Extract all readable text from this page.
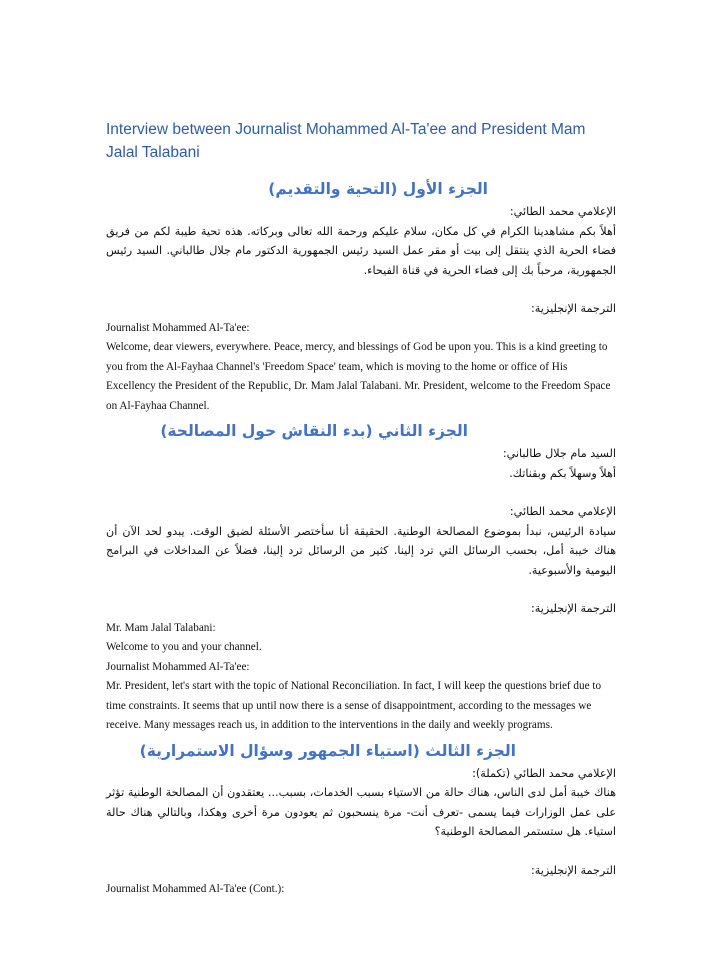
Interview between Journalist Mohammed Al-Ta'ee and President Mam Jalal Talabani
الجزء الأول (التحية والتقديم)

الإعلامي محمد الطائي:

أهلاً بكم مشاهدينا الكرام في كل مكان، سلام عليكم ورحمة الله تعالى وبركاته. هذه تحية طيبة لكم من فريق فضاء الحرية الذي ينتقل إلى بيت أو مقر عمل السيد رئيس الجمهورية الدكتور مام جلال طالباني. السيد رئيس الجمهورية، مرحباً بك إلى فضاء الحرية في قناة الفيحاء.

الترجمة الإنجليزية:

Journalist Mohammed Al-Ta'ee:

Welcome, dear viewers, everywhere. Peace, mercy, and blessings of God be upon you. This is a kind greeting to you from the Al-Fayhaa Channel's 'Freedom Space' team, which is moving to the home or office of His Excellency the President of the Republic, Dr. Mam Jalal Talabani. Mr. President, welcome to the Freedom Space on Al-Fayhaa Channel.

الجزء الثاني (بدء النقاش حول المصالحة)

السيد مام جلال طالباني:

أهلاً وسهلاً بكم وبقناتك.

الإعلامي محمد الطائي:

سيادة الرئيس، نبدأ بموضوع المصالحة الوطنية. الحقيقة أنا سأختصر الأسئلة لضيق الوقت. يبدو لحد الآن أن هناك خيبة أمل، بحسب الرسائل التي ترد إلينا. كثير من الرسائل ترد إلينا، فضلاً عن المداخلات في البرامج اليومية والأسبوعية.

الترجمة الإنجليزية:

Mr. Mam Jalal Talabani:

Welcome to you and your channel.

Journalist Mohammed Al-Ta'ee:

Mr. President, let's start with the topic of National Reconciliation. In fact, I will keep the questions brief due to time constraints. It seems that up until now there is a sense of disappointment, according to the messages we receive. Many messages reach us, in addition to the interventions in the daily and weekly programs.

الجزء الثالث (استياء الجمهور وسؤال الاستمرارية)

الإعلامي محمد الطائي (تكملة):

هناك خيبة أمل لدى الناس، هناك حالة من الاستياء بسبب الخدمات، بسبب... يعتقدون أن المصالحة الوطنية تؤثر على عمل الوزارات فيما يسمى -تعرف أنت- مرة ينسحبون ثم يعودون مرة أخرى وهكذا، وبالتالي هناك حالة استياء. هل ستستمر المصالحة الوطنية؟

الترجمة الإنجليزية:

Journalist Mohammed Al-Ta'ee (Cont.):
